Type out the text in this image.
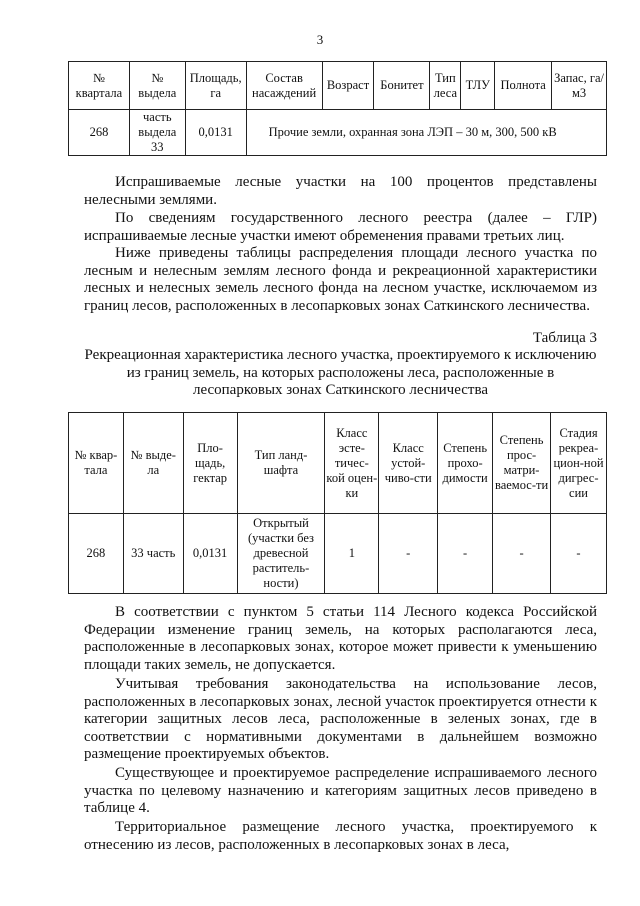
3
№ квартала	№ выдела	Площадь, га	Состав насаждений	Возраст	Бонитет	Тип леса	ТЛУ	Полнота	Запас, га/м3
268	часть выдела 33	0,0131	Прочие земли, охранная зона ЛЭП – 30 м, 300, 500 кВ						

Испрашиваемые лесные участки на 100 процентов представлены нелесными землями.

По сведениям государственного лесного реестра (далее – ГЛР) испрашиваемые лесные участки имеют обременения правами третьих лиц.

Ниже приведены таблицы распределения площади лесного участка по лесным и нелесным землям лесного фонда и рекреационной характеристики лесных и нелесных земель лесного фонда на лесном участке, исключаемом из границ лесов, расположенных в лесопарковых зонах Саткинского лесничества.

Таблица 3
Рекреационная характеристика лесного участка, проектируемого к исключению из границ земель, на которых расположены леса, расположенные в лесопарковых зонах Саткинского лесничества
№ квар-тала	№ выде-ла	Пло-щадь, гектар	Тип ланд-шафта	Класс эсте-тичес-кой оцен-ки	Класс устой-чиво-сти	Степень прохо-димости	Степень прос-матри-ваемос-ти	Стадия рекреа-цион-ной дигрес-сии
268	33 часть	0,0131	Открытый (участки без древесной раститель-ности)	1	-	-	-	-

В соответствии с пунктом 5 статьи 114 Лесного кодекса Российской Федерации изменение границ земель, на которых располагаются леса, расположенные в лесопарковых зонах, которое может привести к уменьшению площади таких земель, не допускается.

Учитывая требования законодательства на использование лесов, расположенных в лесопарковых зонах, лесной участок проектируется отнести к категории защитных лесов леса, расположенные в зеленых зонах, где в соответствии с нормативными документами в дальнейшем возможно размещение проектируемых объектов.

Существующее и проектируемое распределение испрашиваемого лесного участка по целевому назначению и категориям защитных лесов приведено в таблице 4.

Территориальное размещение лесного участка, проектируемого к отнесению из лесов, расположенных в лесопарковых зонах в леса,
